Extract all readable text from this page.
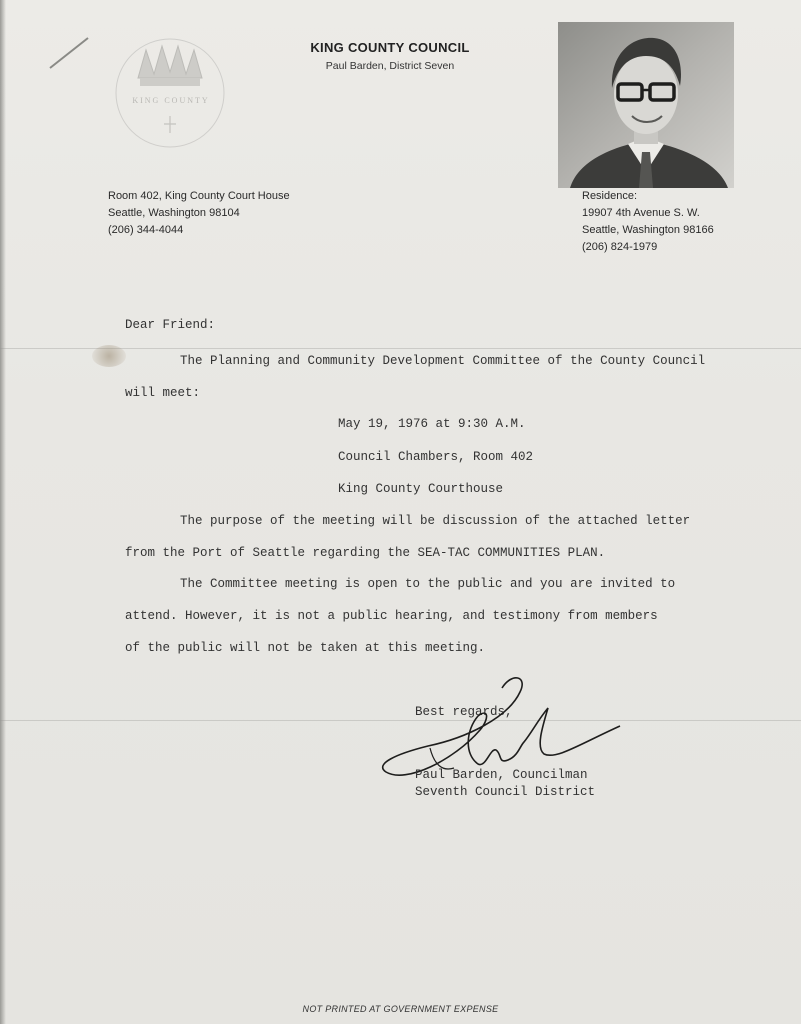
KING COUNTY
KING COUNTY COUNCIL
Paul Barden, District Seven
Room 402, King County Court House
Seattle, Washington 98104
(206) 344-4044
Residence:
19907 4th Avenue S. W.
Seattle, Washington 98166
(206) 824-1979
Dear Friend:
The Planning and Community Development Committee of the County Council
will meet:
May 19, 1976 at 9:30 A.M.
Council Chambers, Room 402
King County Courthouse
The purpose of the meeting will be discussion of the attached letter
from the Port of Seattle regarding the SEA-TAC COMMUNITIES PLAN.
The Committee meeting is open to the public and you are invited to
attend. However, it is not a public hearing, and testimony from members
of the public will not be taken at this meeting.
Best regards,
Paul Barden, Councilman
Seventh Council District
NOT PRINTED AT GOVERNMENT EXPENSE
